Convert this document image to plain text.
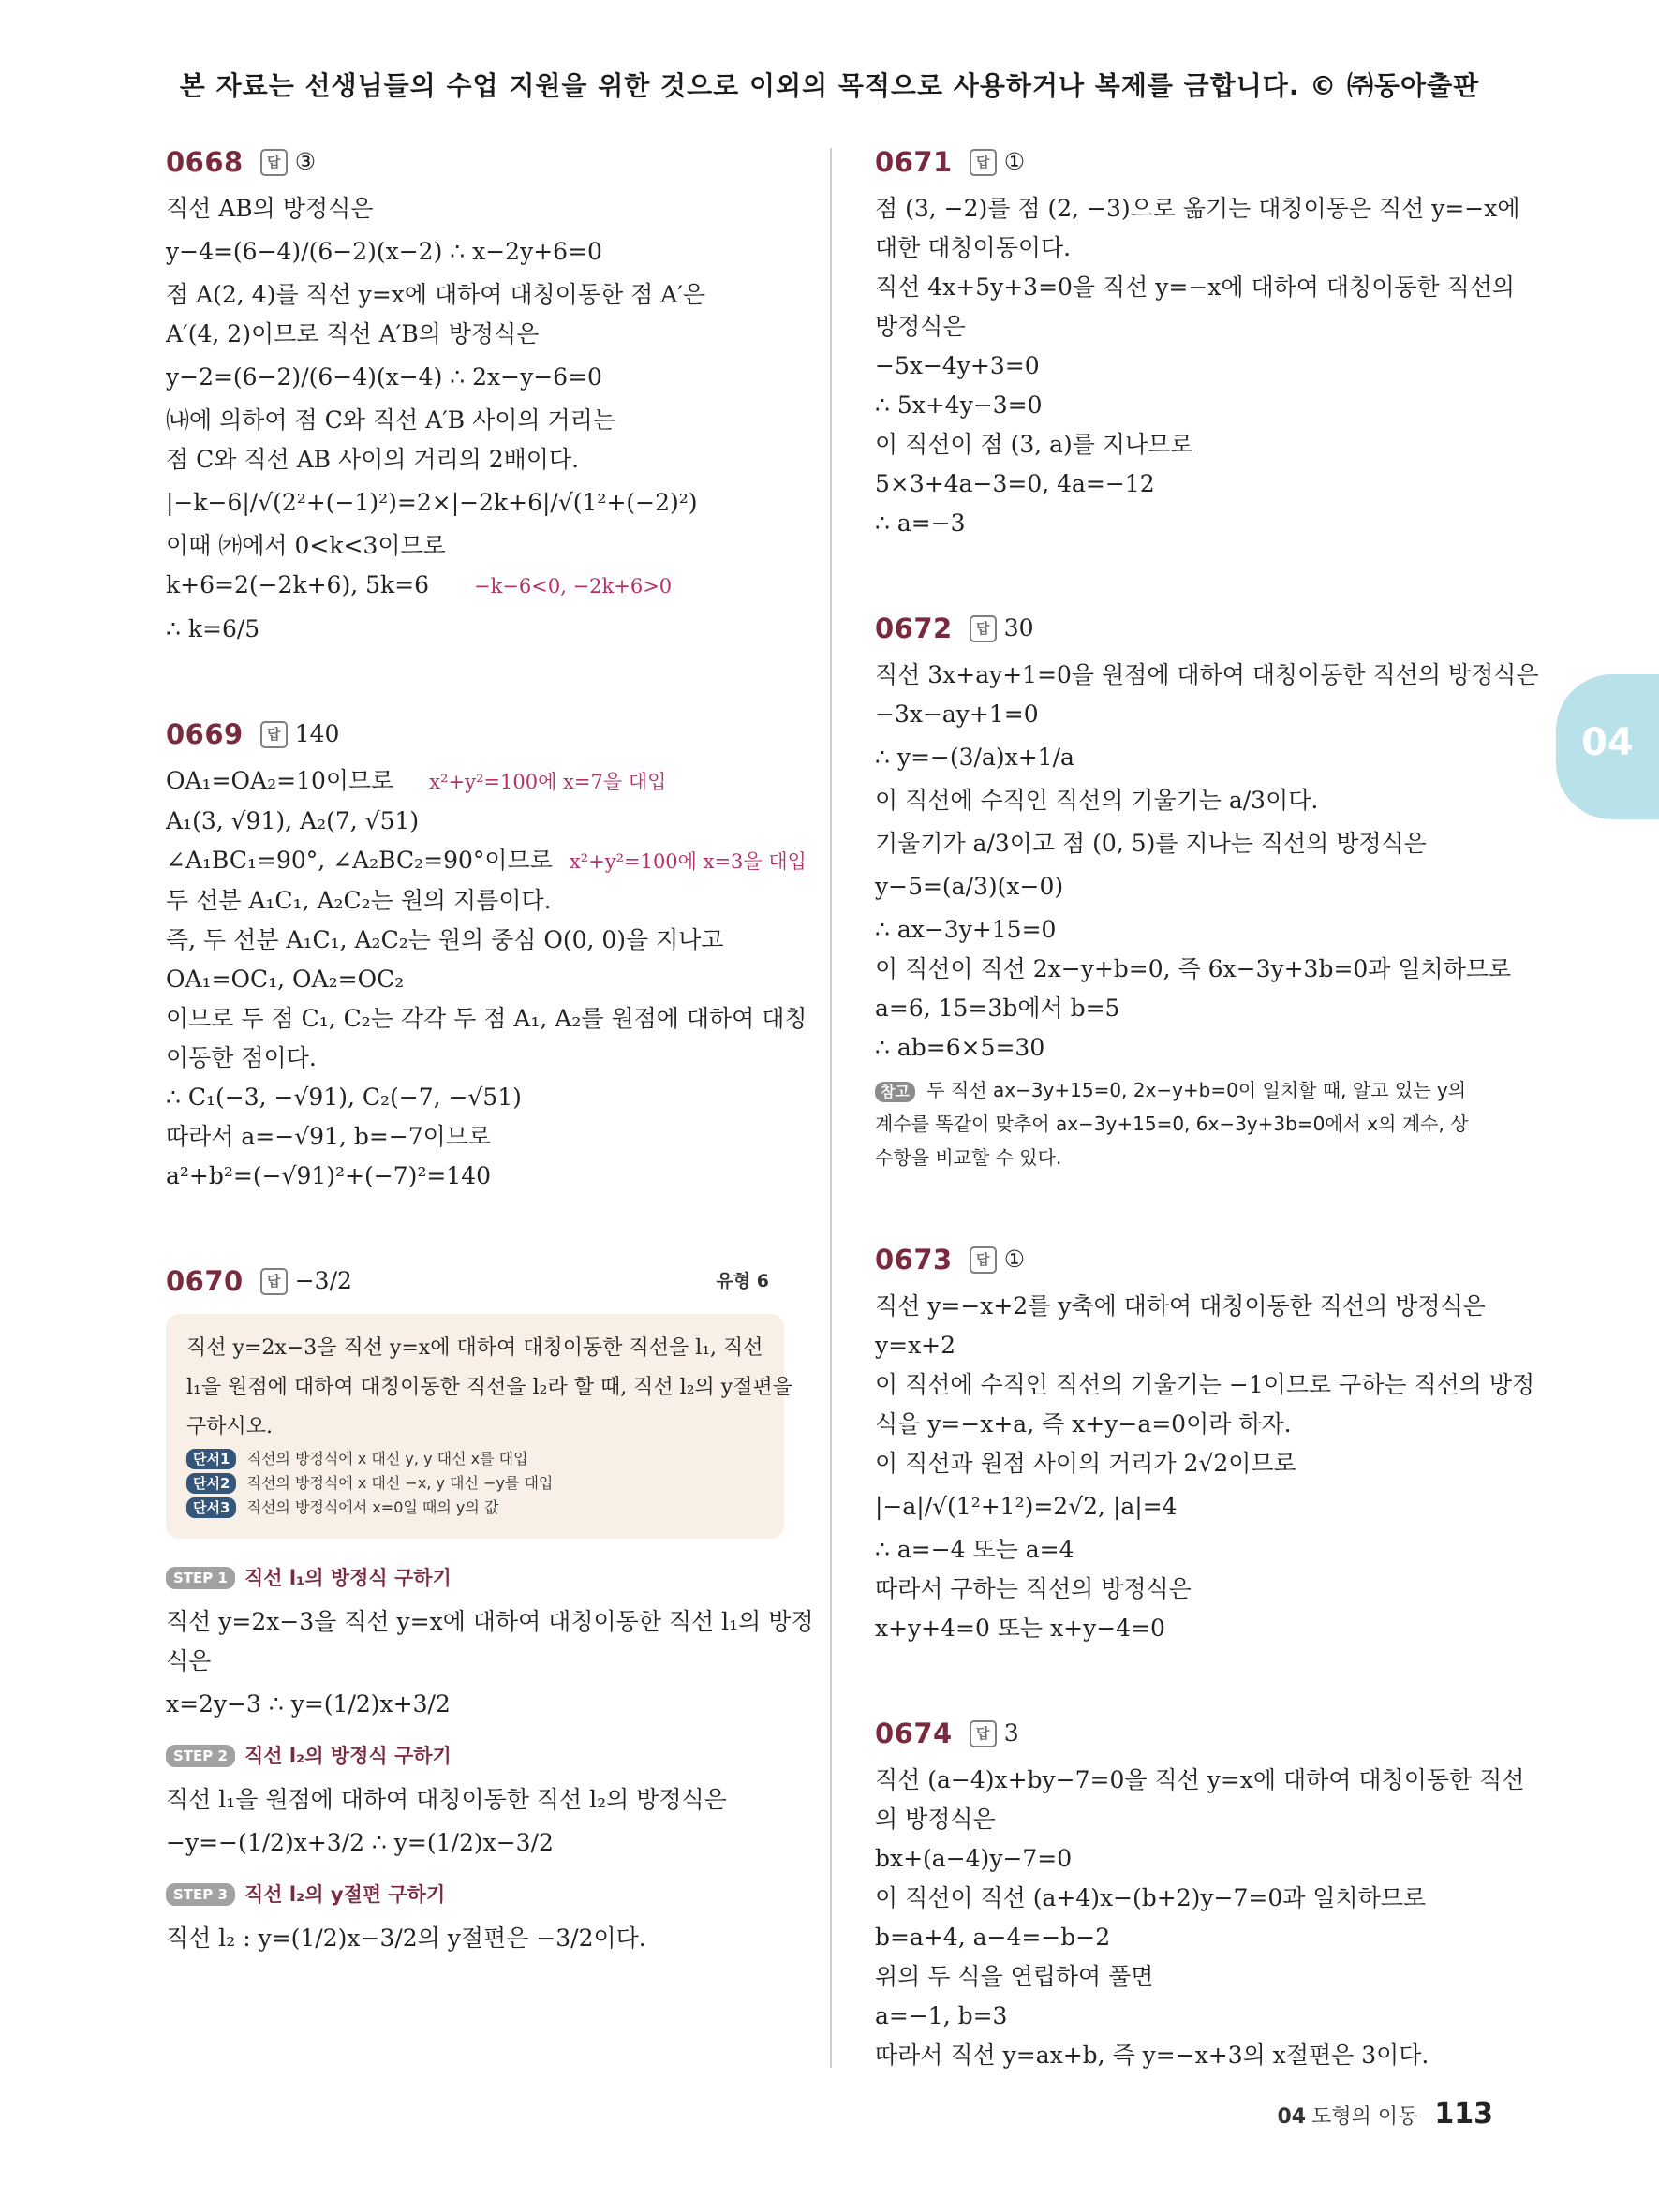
본 자료는 선생님들의 수업 지원을 위한 것으로 이외의 목적으로 사용하거나 복제를 금합니다. © ㈜동아출판
0668	답 ③
직선 AB의 방정식은
y−4=(6−4)/(6−2)(x−2) ∴ x−2y+6=0
점 A(2, 4)를 직선 y=x에 대하여 대칭이동한 점 A′은
A′(4, 2)이므로 직선 A′B의 방정식은
y−2=(6−2)/(6−4)(x−4) ∴ 2x−y−6=0
㈏에 의하여 점 C와 직선 A′B 사이의 거리는
점 C와 직선 AB 사이의 거리의 2배이다.
|−k−6|/√(2²+(−1)²)=2×|−2k+6|/√(1²+(−2)²)
이때 ㈎에서 0<k<3이므로
k+6=2(−2k+6), 5k=6 −k−6<0, −2k+6>0
∴ k=6/5
0669	답 140
OA₁=OA₂=10이므로 x²+y²=100에 x=7을 대입
A₁(3, √91), A₂(7, √51)
∠A₁BC₁=90°, ∠A₂BC₂=90°이므로 x²+y²=100에 x=3을 대입
두 선분 A₁C₁, A₂C₂는 원의 지름이다.
즉, 두 선분 A₁C₁, A₂C₂는 원의 중심 O(0, 0)을 지나고
OA₁=OC₁, OA₂=OC₂
이므로 두 점 C₁, C₂는 각각 두 점 A₁, A₂를 원점에 대하여 대칭
이동한 점이다.
∴ C₁(−3, −√91), C₂(−7, −√51)
따라서 a=−√91, b=−7이므로
a²+b²=(−√91)²+(−7)²=140
0670	답 −3/2	유형 6
직선 y=2x−3을 직선 y=x에 대하여 대칭이동한 직선을 l₁, 직선
l₁을 원점에 대하여 대칭이동한 직선을 l₂라 할 때, 직선 l₂의 y절편을
구하시오.
단서1 직선의 방정식에 x 대신 y, y 대신 x를 대입
단서2 직선의 방정식에 x 대신 −x, y 대신 −y를 대입
단서3 직선의 방정식에서 x=0일 때의 y의 값
STEP 1 직선 l₁의 방정식 구하기
직선 y=2x−3을 직선 y=x에 대하여 대칭이동한 직선 l₁의 방정
식은
x=2y−3 ∴ y=(1/2)x+3/2
STEP 2 직선 l₂의 방정식 구하기
직선 l₁을 원점에 대하여 대칭이동한 직선 l₂의 방정식은
−y=−(1/2)x+3/2 ∴ y=(1/2)x−3/2
STEP 3 직선 l₂의 y절편 구하기
직선 l₂ : y=(1/2)x−3/2의 y절편은 −3/2이다.
0671	답 ①
점 (3, −2)를 점 (2, −3)으로 옮기는 대칭이동은 직선 y=−x에
대한 대칭이동이다.
직선 4x+5y+3=0을 직선 y=−x에 대하여 대칭이동한 직선의
방정식은
−5x−4y+3=0
∴ 5x+4y−3=0
이 직선이 점 (3, a)를 지나므로
5×3+4a−3=0, 4a=−12
∴ a=−3
0672	답 30
직선 3x+ay+1=0을 원점에 대하여 대칭이동한 직선의 방정식은
−3x−ay+1=0
∴ y=−(3/a)x+1/a
이 직선에 수직인 직선의 기울기는 a/3이다.
기울기가 a/3이고 점 (0, 5)를 지나는 직선의 방정식은
y−5=(a/3)(x−0)
∴ ax−3y+15=0
이 직선이 직선 2x−y+b=0, 즉 6x−3y+3b=0과 일치하므로
a=6, 15=3b에서 b=5
∴ ab=6×5=30
참고 두 직선 ax−3y+15=0, 2x−y+b=0이 일치할 때, 알고 있는 y의
계수를 똑같이 맞추어 ax−3y+15=0, 6x−3y+3b=0에서 x의 계수, 상
수항을 비교할 수 있다.
0673	답 ①
직선 y=−x+2를 y축에 대하여 대칭이동한 직선의 방정식은
y=x+2
이 직선에 수직인 직선의 기울기는 −1이므로 구하는 직선의 방정
식을 y=−x+a, 즉 x+y−a=0이라 하자.
이 직선과 원점 사이의 거리가 2√2이므로
|−a|/√(1²+1²)=2√2, |a|=4
∴ a=−4 또는 a=4
따라서 구하는 직선의 방정식은
x+y+4=0 또는 x+y−4=0
0674	답 3
직선 (a−4)x+by−7=0을 직선 y=x에 대하여 대칭이동한 직선
의 방정식은
bx+(a−4)y−7=0
이 직선이 직선 (a+4)x−(b+2)y−7=0과 일치하므로
b=a+4, a−4=−b−2
위의 두 식을 연립하여 풀면
a=−1, b=3
따라서 직선 y=ax+b, 즉 y=−x+3의 x절편은 3이다.
04
04 도형의 이동 113
